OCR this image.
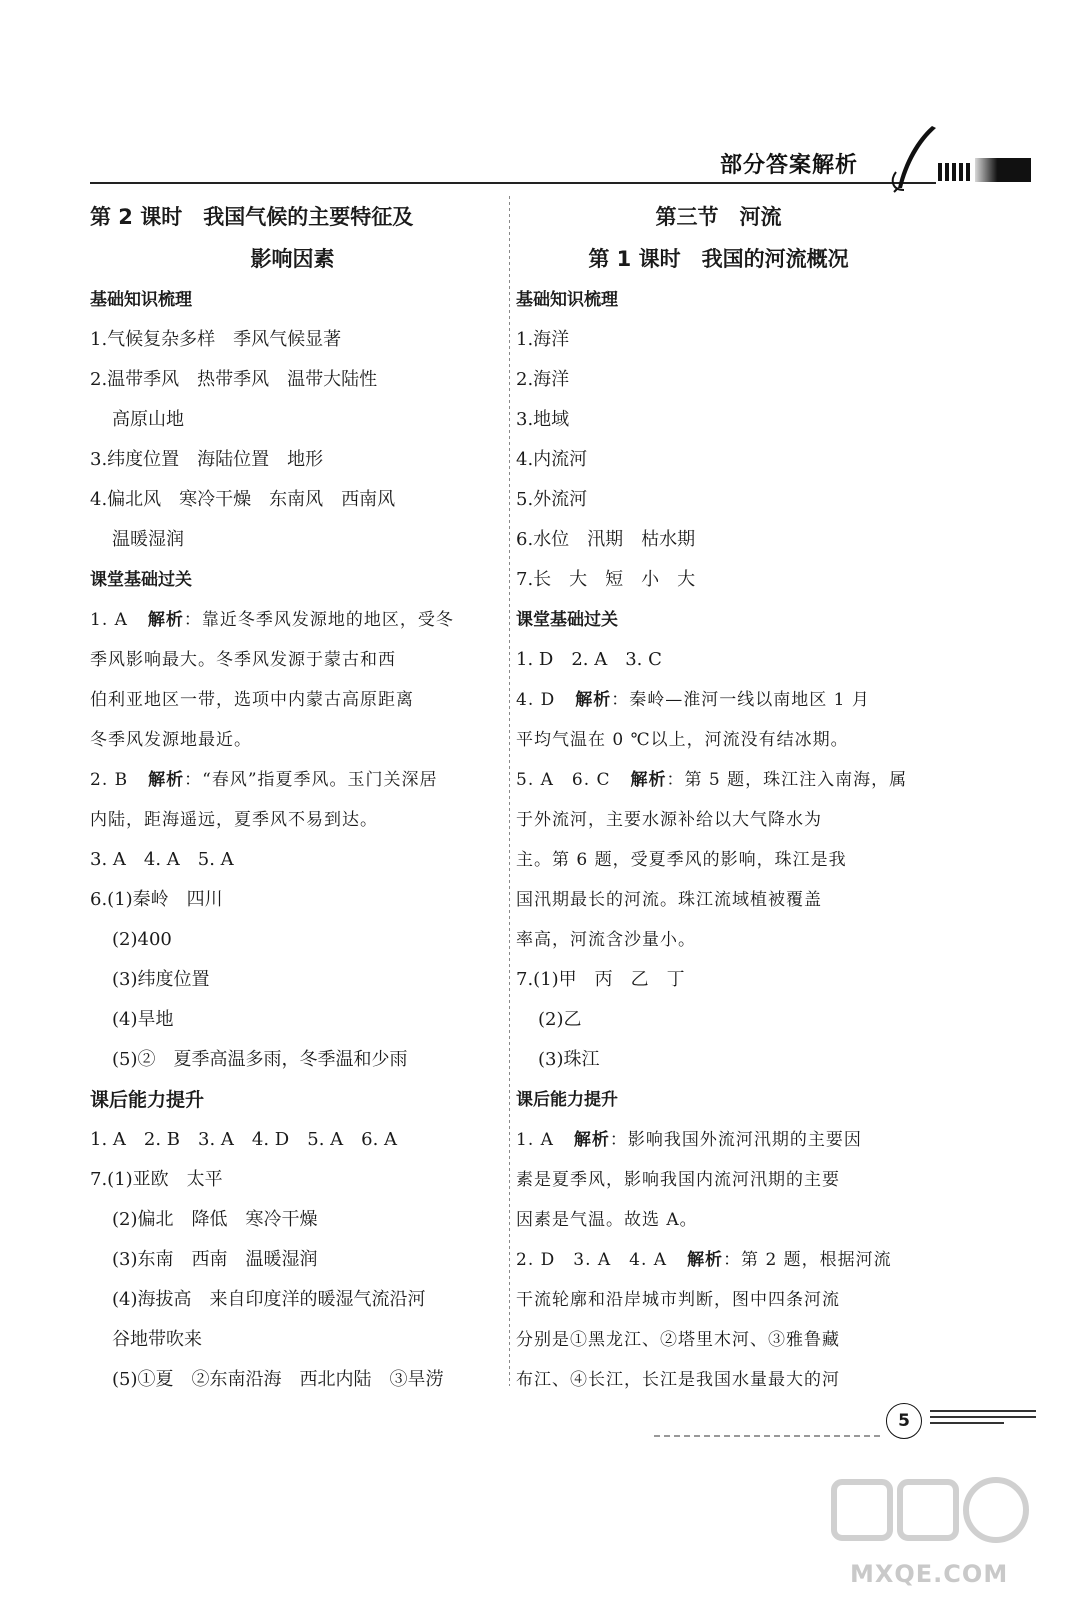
部分答案解析
第 2 课时　我国气候的主要特征及
影响因素
基础知识梳理
1.气候复杂多样　季风气候显著
2.温带季风　热带季风　温带大陆性
高原山地
3.纬度位置　海陆位置　地形
4.偏北风　寒冷干燥　东南风　西南风
温暖湿润
课堂基础过关
1. A 解析：靠近冬季风发源地的地区，受冬
季风影响最大。冬季风发源于蒙古和西
伯利亚地区一带，选项中内蒙古高原距离
冬季风发源地最近。
2. B 解析：“春风”指夏季风。玉门关深居
内陆，距海遥远，夏季风不易到达。
3. A　4. A　5. A
6.(1)秦岭　四川
(2)400
(3)纬度位置
(4)旱地
(5)②　夏季高温多雨，冬季温和少雨
课后能力提升
1. A　2. B　3. A　4. D　5. A　6. A
7.(1)亚欧　太平
(2)偏北　降低　寒冷干燥
(3)东南　西南　温暖湿润
(4)海拔高　来自印度洋的暖湿气流沿河
谷地带吹来
(5)①夏　②东南沿海　西北内陆　③旱涝
第三节　河流
第 1 课时　我国的河流概况
基础知识梳理
1.海洋
2.海洋
3.地域
4.内流河
5.外流河
6.水位　汛期　枯水期
7.长　大　短　小　大
课堂基础过关
1. D　2. A　3. C
4. D 解析：秦岭—淮河一线以南地区 1 月
平均气温在 0 ℃以上，河流没有结冰期。
5. A　6. C 解析：第 5 题，珠江注入南海，属
于外流河，主要水源补给以大气降水为
主。第 6 题，受夏季风的影响，珠江是我
国汛期最长的河流。珠江流域植被覆盖
率高，河流含沙量小。
7.(1)甲　丙　乙　丁
(2)乙
(3)珠江
课后能力提升
1. A 解析：影响我国外流河汛期的主要因
素是夏季风，影响我国内流河汛期的主要
因素是气温。故选 A。
2. D　3. A　4. A 解析：第 2 题，根据河流
干流轮廓和沿岸城市判断，图中四条河流
分别是①黑龙江、②塔里木河、③雅鲁藏
布江、④长江，长江是我国水量最大的河
5
MXQE.COM
